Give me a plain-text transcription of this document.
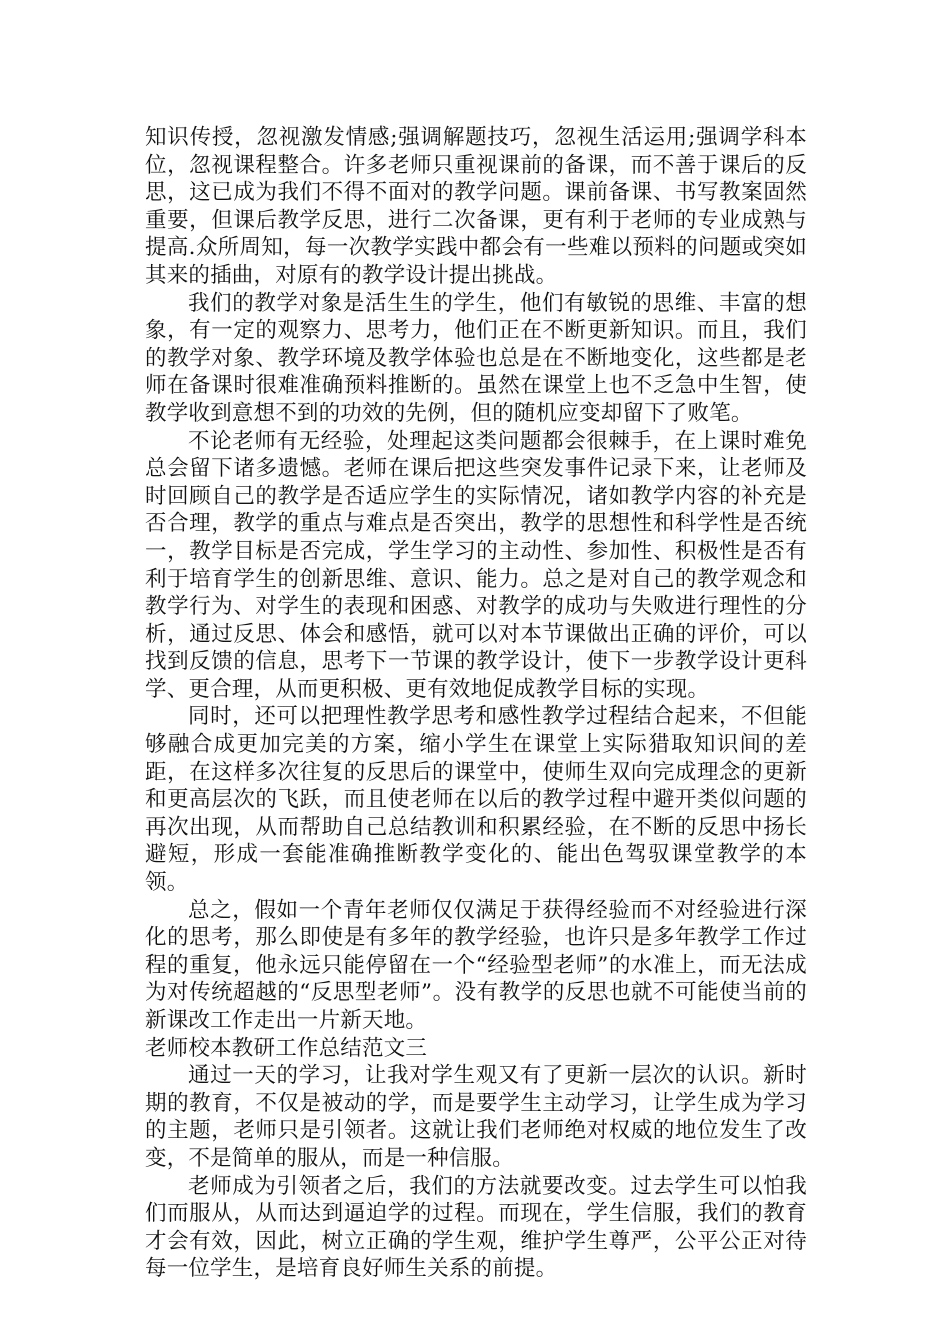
知识传授，忽视激发情感;强调解题技巧，忽视生活运用;强调学科本位，忽视课程整合。许多老师只重视课前的备课，而不善于课后的反思，这已成为我们不得不面对的教学问题。课前备课、书写教案固然重要，但课后教学反思，进行二次备课，更有利于老师的专业成熟与提高.众所周知，每一次教学实践中都会有一些难以预料的问题或突如其来的插曲，对原有的教学设计提出挑战。

我们的教学对象是活生生的学生，他们有敏锐的思维、丰富的想象，有一定的观察力、思考力，他们正在不断更新知识。而且，我们的教学对象、教学环境及教学体验也总是在不断地变化，这些都是老师在备课时很难准确预料推断的。虽然在课堂上也不乏急中生智，使教学收到意想不到的功效的先例，但的随机应变却留下了败笔。

不论老师有无经验，处理起这类问题都会很棘手，在上课时难免总会留下诸多遗憾。老师在课后把这些突发事件记录下来，让老师及时回顾自己的教学是否适应学生的实际情况，诸如教学内容的补充是否合理，教学的重点与难点是否突出，教学的思想性和科学性是否统一，教学目标是否完成，学生学习的主动性、参加性、积极性是否有利于培育学生的创新思维、意识、能力。总之是对自己的教学观念和教学行为、对学生的表现和困惑、对教学的成功与失败进行理性的分析，通过反思、体会和感悟，就可以对本节课做出正确的评价，可以找到反馈的信息，思考下一节课的教学设计，使下一步教学设计更科学、更合理，从而更积极、更有效地促成教学目标的实现。

同时，还可以把理性教学思考和感性教学过程结合起来，不但能够融合成更加完美的方案，缩小学生在课堂上实际猎取知识间的差距，在这样多次往复的反思后的课堂中，使师生双向完成理念的更新和更高层次的飞跃，而且使老师在以后的教学过程中避开类似问题的再次出现，从而帮助自己总结教训和积累经验，在不断的反思中扬长避短，形成一套能准确推断教学变化的、能出色驾驭课堂教学的本领。

总之，假如一个青年老师仅仅满足于获得经验而不对经验进行深化的思考，那么即使是有多年的教学经验，也许只是多年教学工作过程的重复，他永远只能停留在一个“经验型老师”的水准上，而无法成为对传统超越的“反思型老师”。没有教学的反思也就不可能使当前的新课改工作走出一片新天地。

老师校本教研工作总结范文三

通过一天的学习，让我对学生观又有了更新一层次的认识。新时期的教育，不仅是被动的学，而是要学生主动学习，让学生成为学习的主题，老师只是引领者。这就让我们老师绝对权威的地位发生了改变，不是简单的服从，而是一种信服。

老师成为引领者之后，我们的方法就要改变。过去学生可以怕我们而服从，从而达到逼迫学的过程。而现在，学生信服，我们的教育才会有效，因此，树立正确的学生观，维护学生尊严，公平公正对待每一位学生，是培育良好师生关系的前提。
